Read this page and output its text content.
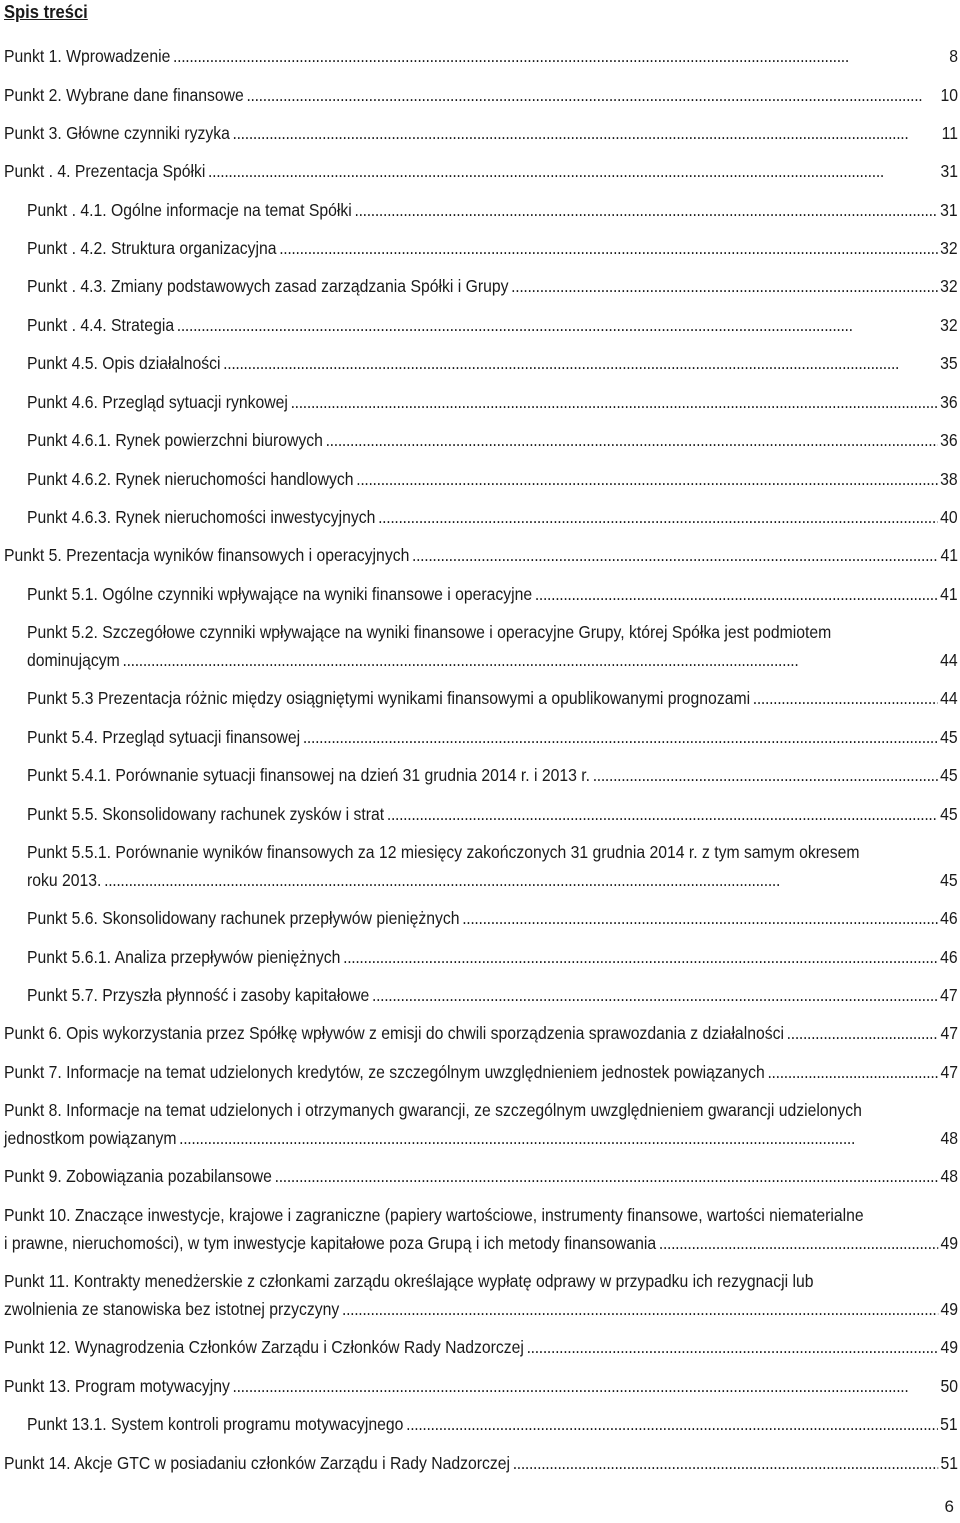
Spis treści
Punkt 1. Wprowadzenie . . .	8
Punkt 2. Wybrane dane finansowe . . .	10
Punkt 3. Główne czynniki ryzyka . . .	11
Punkt . 4. Prezentacja Spółki . . .	31
Punkt . 4.1. Ogólne informacje na temat Spółki . . .	31
Punkt . 4.2. Struktura organizacyjna . . .	32
Punkt . 4.3. Zmiany podstawowych zasad zarządzania Spółki i Grupy . . .	32
Punkt . 4.4. Strategia . . .	32
Punkt 4.5. Opis działalności . . .	35
Punkt 4.6. Przegląd sytuacji rynkowej . . .	36
Punkt 4.6.1. Rynek powierzchni biurowych . . .	36
Punkt 4.6.2. Rynek nieruchomości handlowych . . .	38
Punkt 4.6.3. Rynek nieruchomości inwestycyjnych . . .	40
Punkt 5. Prezentacja wyników finansowych i operacyjnych . . .	41
Punkt 5.1. Ogólne czynniki wpływające na wyniki finansowe i operacyjne . . .	41
Punkt 5.2. Szczegółowe czynniki wpływające na wyniki finansowe i operacyjne Grupy, której Spółka jest podmiotem
dominującym . . .	44
Punkt 5.3 Prezentacja różnic między osiągniętymi wynikami finansowymi a opublikowanymi prognozami . . .	44
Punkt 5.4. Przegląd sytuacji finansowej . . .	45
Punkt 5.4.1. Porównanie sytuacji finansowej na dzień 31 grudnia 2014 r. i 2013 r. . . .	45
Punkt 5.5. Skonsolidowany rachunek zysków i strat . . .	45
Punkt 5.5.1. Porównanie wyników finansowych za 12 miesięcy zakończonych 31 grudnia 2014 r. z tym samym okresem
roku 2013. . . .	45
Punkt 5.6. Skonsolidowany rachunek przepływów pieniężnych . . .	46
Punkt 5.6.1. Analiza przepływów pieniężnych . . .	46
Punkt 5.7. Przyszła płynność i zasoby kapitałowe . . .	47
Punkt 6. Opis wykorzystania przez Spółkę wpływów z emisji do chwili sporządzenia sprawozdania z działalności . . .	47
Punkt 7. Informacje na temat udzielonych kredytów, ze szczególnym uwzględnieniem jednostek powiązanych . . .	47
Punkt 8. Informacje na temat udzielonych i otrzymanych gwarancji, ze szczególnym uwzględnieniem gwarancji udzielonych
jednostkom powiązanym . . .	48
Punkt 9. Zobowiązania pozabilansowe . . .	48
Punkt 10. Znaczące inwestycje, krajowe i zagraniczne (papiery wartościowe, instrumenty finansowe, wartości niematerialne
i prawne, nieruchomości), w tym inwestycje kapitałowe poza Grupą i ich metody finansowania . . .	49
Punkt 11. Kontrakty menedżerskie z członkami zarządu określające wypłatę odprawy w przypadku ich rezygnacji lub
zwolnienia ze stanowiska bez istotnej przyczyny . . .	49
Punkt 12. Wynagrodzenia Członków Zarządu i Członków Rady Nadzorczej . . .	49
Punkt 13. Program motywacyjny . . .	50
Punkt 13.1. System kontroli programu motywacyjnego . . .	51
Punkt 14. Akcje GTC w posiadaniu członków Zarządu i Rady Nadzorczej . . .	51
6
